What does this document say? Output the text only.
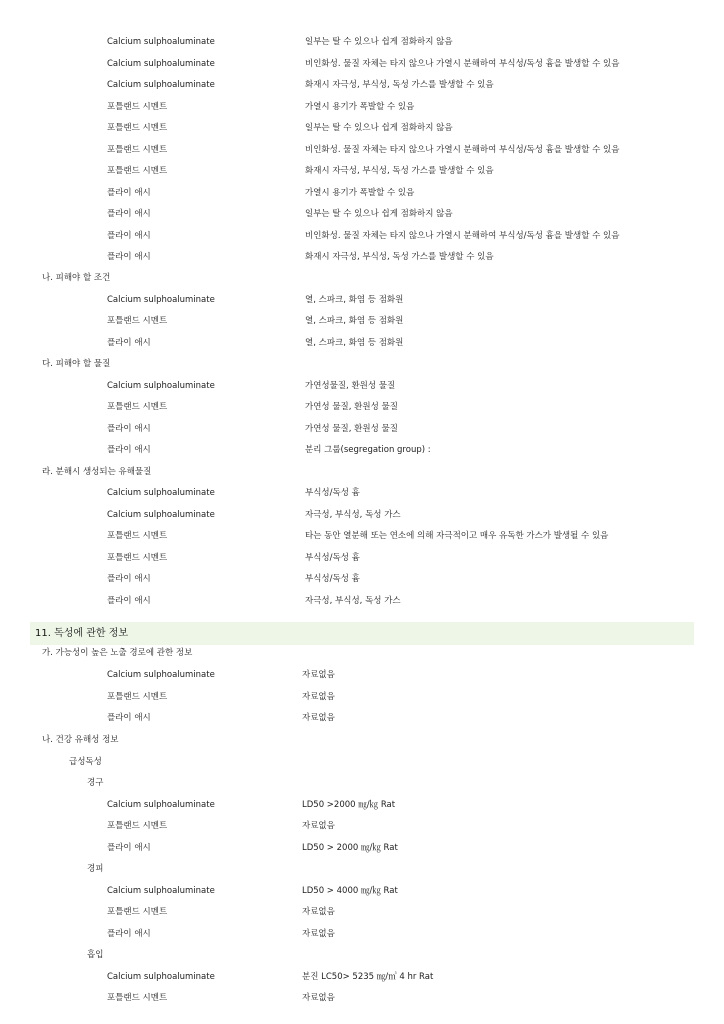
Calcium sulphoaluminate	일부는 탈 수 있으나 쉽게 점화하지 않음
Calcium sulphoaluminate	비인화성. 물질 자체는 타지 않으나 가열시 분해하여 부식성/독성 흄을 발생할 수 있음
Calcium sulphoaluminate	화재시 자극성, 부식성, 독성 가스를 발생할 수 있음
포틀랜드 시멘트	가열시 용기가 폭발할 수 있음
포틀랜드 시멘트	일부는 탈 수 있으나 쉽게 점화하지 않음
포틀랜드 시멘트	비인화성. 물질 자체는 타지 않으나 가열시 분해하여 부식성/독성 흄을 발생할 수 있음
포틀랜드 시멘트	화재시 자극성, 부식성, 독성 가스를 발생할 수 있음
플라이 애시	가열시 용기가 폭발할 수 있음
플라이 애시	일부는 탈 수 있으나 쉽게 점화하지 않음
플라이 애시	비인화성. 물질 자체는 타지 않으나 가열시 분해하여 부식성/독성 흄을 발생할 수 있음
플라이 애시	화재시 자극성, 부식성, 독성 가스를 발생할 수 있음
나. 피해야 할 조건
Calcium sulphoaluminate	열, 스파크, 화염 등 점화원
포틀랜드 시멘트	열, 스파크, 화염 등 점화원
플라이 애시	열, 스파크, 화염 등 점화원
다. 피해야 할 물질
Calcium sulphoaluminate	가연성물질, 환원성 물질
포틀랜드 시멘트	가연성 물질, 환원성 물질
플라이 애시	가연성 물질, 환원성 물질
플라이 애시	분리 그룹(segregation group) :
라. 분해시 생성되는 유해물질
Calcium sulphoaluminate	부식성/독성 흄
Calcium sulphoaluminate	자극성, 부식성, 독성 가스
포틀랜드 시멘트	타는 동안 열분해 또는 연소에 의해 자극적이고 매우 유독한 가스가 발생될 수 있음
포틀랜드 시멘트	부식성/독성 흄
플라이 애시	부식성/독성 흄
플라이 애시	자극성, 부식성, 독성 가스
11. 독성에 관한 정보
가. 가능성이 높은 노출 경로에 관한 정보
Calcium sulphoaluminate	자료없음
포틀랜드 시멘트	자료없음
플라이 애시	자료없음
나. 건강 유해성 정보
급성독성
경구
Calcium sulphoaluminate	LD50 >2000 ㎎/㎏ Rat
포틀랜드 시멘트	자료없음
플라이 애시	LD50 > 2000 ㎎/㎏ Rat
경피
Calcium sulphoaluminate	LD50 > 4000 ㎎/㎏ Rat
포틀랜드 시멘트	자료없음
플라이 애시	자료없음
흡입
Calcium sulphoaluminate	분진 LC50> 5235 ㎎/㎥ 4 hr Rat
포틀랜드 시멘트	자료없음
